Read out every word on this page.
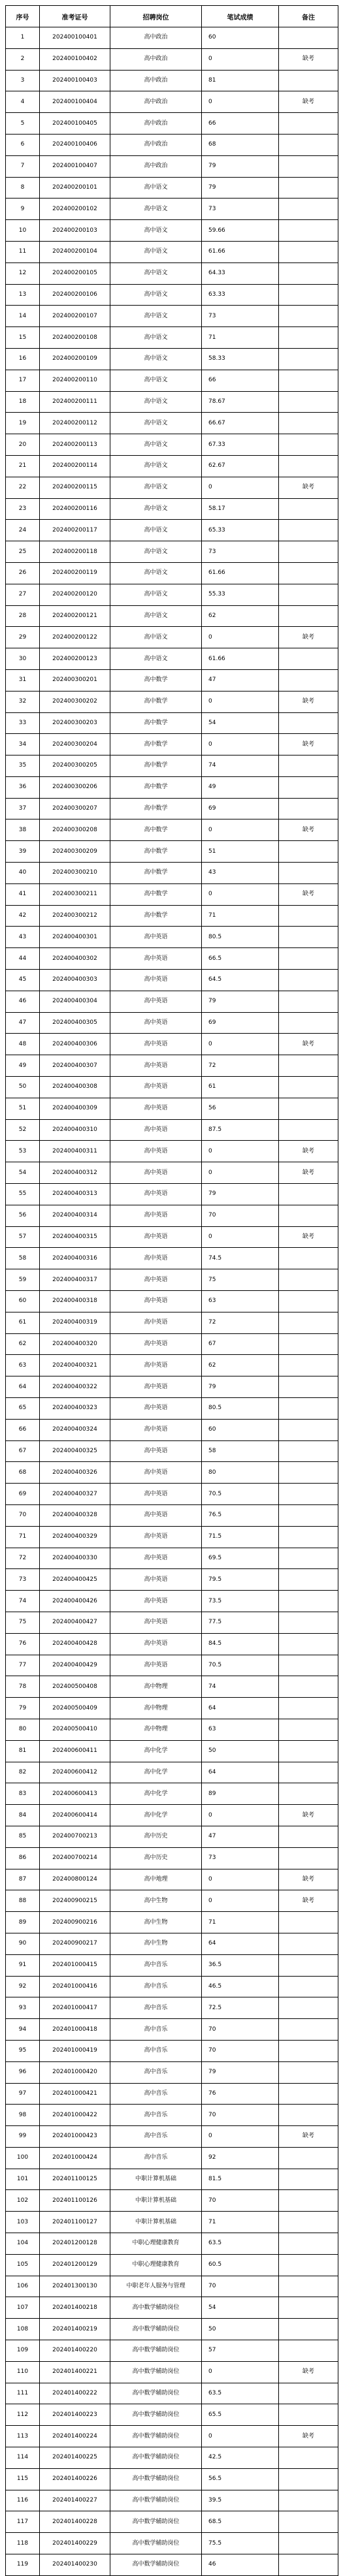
序号	准考证号	招聘岗位	笔试成绩	备注
1	202400100401	高中政治	60	
2	202400100402	高中政治	0	缺考
3	202400100403	高中政治	81	
4	202400100404	高中政治	0	缺考
5	202400100405	高中政治	66	
6	202400100406	高中政治	68	
7	202400100407	高中政治	79	
8	202400200101	高中语文	79	
9	202400200102	高中语文	73	
10	202400200103	高中语文	59.66	
11	202400200104	高中语文	61.66	
12	202400200105	高中语文	64.33	
13	202400200106	高中语文	63.33	
14	202400200107	高中语文	73	
15	202400200108	高中语文	71	
16	202400200109	高中语文	58.33	
17	202400200110	高中语文	66	
18	202400200111	高中语文	78.67	
19	202400200112	高中语文	66.67	
20	202400200113	高中语文	67.33	
21	202400200114	高中语文	62.67	
22	202400200115	高中语文	0	缺考
23	202400200116	高中语文	58.17	
24	202400200117	高中语文	65.33	
25	202400200118	高中语文	73	
26	202400200119	高中语文	61.66	
27	202400200120	高中语文	55.33	
28	202400200121	高中语文	62	
29	202400200122	高中语文	0	缺考
30	202400200123	高中语文	61.66	
31	202400300201	高中数学	47	
32	202400300202	高中数学	0	缺考
33	202400300203	高中数学	54	
34	202400300204	高中数学	0	缺考
35	202400300205	高中数学	74	
36	202400300206	高中数学	49	
37	202400300207	高中数学	69	
38	202400300208	高中数学	0	缺考
39	202400300209	高中数学	51	
40	202400300210	高中数学	43	
41	202400300211	高中数学	0	缺考
42	202400300212	高中数学	71	
43	202400400301	高中英语	80.5	
44	202400400302	高中英语	66.5	
45	202400400303	高中英语	64.5	
46	202400400304	高中英语	79	
47	202400400305	高中英语	69	
48	202400400306	高中英语	0	缺考
49	202400400307	高中英语	72	
50	202400400308	高中英语	61	
51	202400400309	高中英语	56	
52	202400400310	高中英语	87.5	
53	202400400311	高中英语	0	缺考
54	202400400312	高中英语	0	缺考
55	202400400313	高中英语	79	
56	202400400314	高中英语	70	
57	202400400315	高中英语	0	缺考
58	202400400316	高中英语	74.5	
59	202400400317	高中英语	75	
60	202400400318	高中英语	63	
61	202400400319	高中英语	72	
62	202400400320	高中英语	67	
63	202400400321	高中英语	62	
64	202400400322	高中英语	79	
65	202400400323	高中英语	80.5	
66	202400400324	高中英语	60	
67	202400400325	高中英语	58	
68	202400400326	高中英语	80	
69	202400400327	高中英语	70.5	
70	202400400328	高中英语	76.5	
71	202400400329	高中英语	71.5	
72	202400400330	高中英语	69.5	
73	202400400425	高中英语	79.5	
74	202400400426	高中英语	73.5	
75	202400400427	高中英语	77.5	
76	202400400428	高中英语	84.5	
77	202400400429	高中英语	70.5	
78	202400500408	高中物理	74	
79	202400500409	高中物理	64	
80	202400500410	高中物理	63	
81	202400600411	高中化学	50	
82	202400600412	高中化学	64	
83	202400600413	高中化学	89	
84	202400600414	高中化学	0	缺考
85	202400700213	高中历史	47	
86	202400700214	高中历史	73	
87	202400800124	高中地理	0	缺考
88	202400900215	高中生物	0	缺考
89	202400900216	高中生物	71	
90	202400900217	高中生物	64	
91	202401000415	高中音乐	36.5	
92	202401000416	高中音乐	46.5	
93	202401000417	高中音乐	72.5	
94	202401000418	高中音乐	70	
95	202401000419	高中音乐	70	
96	202401000420	高中音乐	79	
97	202401000421	高中音乐	76	
98	202401000422	高中音乐	70	
99	202401000423	高中音乐	0	缺考
100	202401000424	高中音乐	92	
101	202401100125	中职计算机基础	81.5	
102	202401100126	中职计算机基础	70	
103	202401100127	中职计算机基础	71	
104	202401200128	中职心理健康教育	63.5	
105	202401200129	中职心理健康教育	60.5	
106	202401300130	中职老年人服务与管理	70	
107	202401400218	高中数学辅助岗位	54	
108	202401400219	高中数学辅助岗位	50	
109	202401400220	高中数学辅助岗位	57	
110	202401400221	高中数学辅助岗位	0	缺考
111	202401400222	高中数学辅助岗位	63.5	
112	202401400223	高中数学辅助岗位	65.5	
113	202401400224	高中数学辅助岗位	0	缺考
114	202401400225	高中数学辅助岗位	42.5	
115	202401400226	高中数学辅助岗位	56.5	
116	202401400227	高中数学辅助岗位	39.5	
117	202401400228	高中数学辅助岗位	68.5	
118	202401400229	高中数学辅助岗位	75.5	
119	202401400230	高中数学辅助岗位	46	
